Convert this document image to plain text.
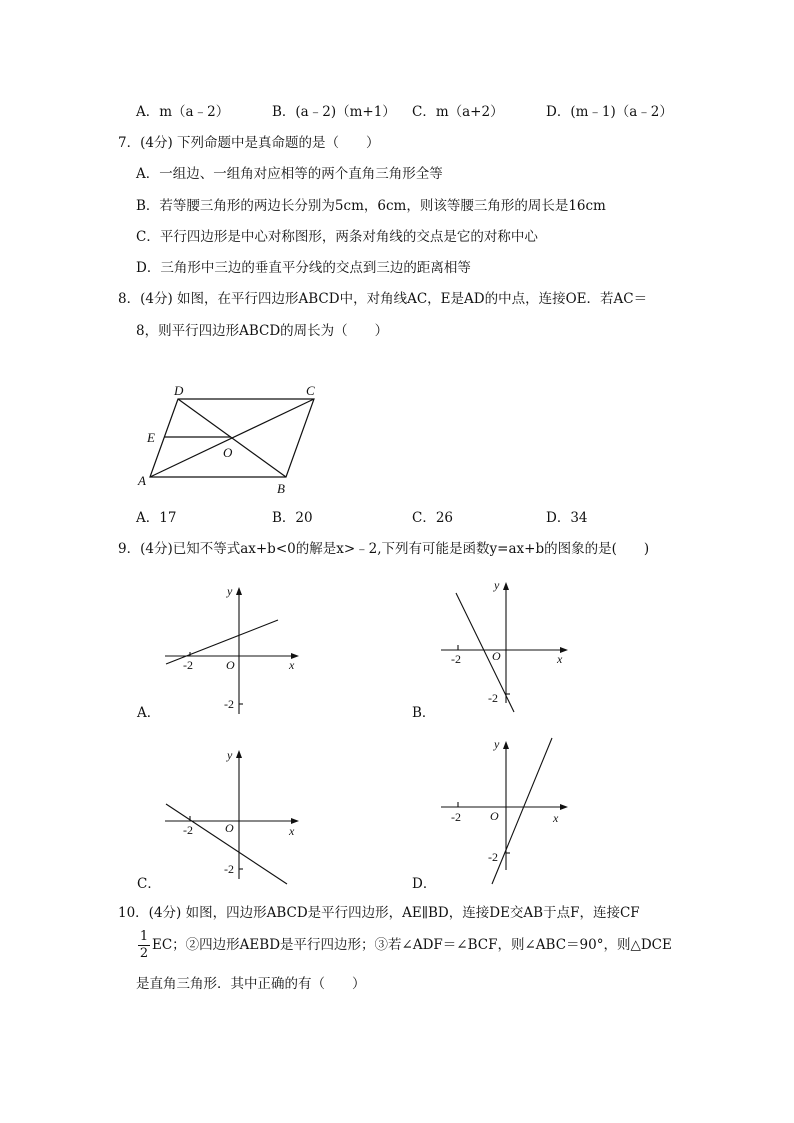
A．m（a﹣2）	B．(a﹣2)（m+1） C．m（a+2）	D．(m﹣1)（a﹣2）
7．(4分) 下列命题中是真命题的是（　　）
A．一组边、一组角对应相等的两个直角三角形全等
B．若等腰三角形的两边长分别为5cm，6cm，则该等腰三角形的周长是16cm
C．平行四边形是中心对称图形，两条对角线的交点是它的对称中心
D．三角形中三边的垂直平分线的交点到三边的距离相等
8．(4分) 如图，在平行四边形ABCD中，对角线AC，E是AD的中点，连接OE．若AC＝
8，则平行四边形ABCD的周长为（　　）
D	C
E
O
A
B
A．17	B．20	C．26	D．34
9．(4分)已知不等式ax+b<0的解是x>﹣2,下列有可能是函数y=ax+b的图象的是(　　)
y
x
O
-2
-2
A．
y
x
O
-2
-2
B．
y
x
O
-2
-2
C．
y
x
O
-2
-2
D．
10．(4分) 如图，四边形ABCD是平行四边形，AE∥BD，连接DE交AB于点F，连接CF
1
2
EC；②四边形AEBD是平行四边形；③若∠ADF＝∠BCF，则∠ABC＝90°，则△DCE
是直角三角形．其中正确的有（　　）
